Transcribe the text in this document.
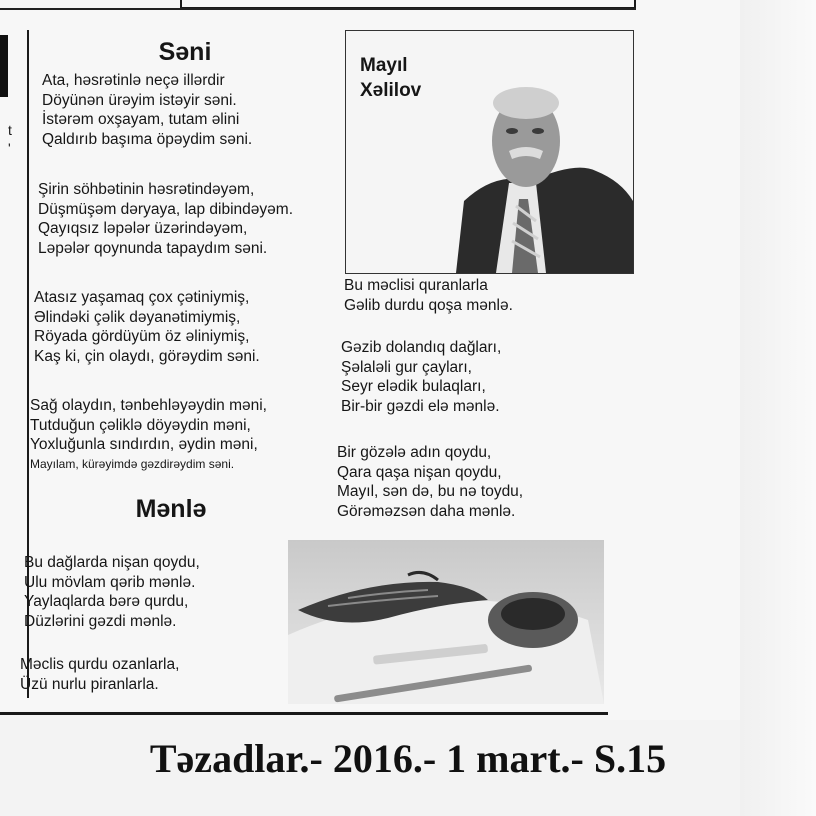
t
'
Səni
Ata, həsrətinlə neçə illərdir
Döyünən ürəyim istəyir səni.
İstərəm oxşayam, tutam əlini
Qaldırıb başıma öpəydim səni.
Şirin söhbətinin həsrətindəyəm,
Düşmüşəm dəryaya, lap dibindəyəm.
Qayıqsız ləpələr üzərindəyəm,
Ləpələr qoynunda tapaydım səni.
Atasız yaşamaq çox çətiniymiş,
Əlindəki çəlik dəyanətimiymiş,
Röyada gördüyüm öz əliniymiş,
Kaş ki, çin olaydı, görəydim səni.
Sağ olaydın, tənbehləyəydin məni,
Tutduğun çəliklə döyəydin məni,
Yoxluğunla sındırdın, əydin məni,
Mayılam, kürəyimdə gəzdirəydim səni.
Mənlə
Bu dağlarda nişan qoydu,
Ulu mövlam qərib mənlə.
Yaylaqlarda bərə qurdu,
Düzlərini gəzdi mənlə.
Məclis qurdu ozanlarla,
Üzü nurlu piranlarla.
Mayıl
Xəlilov
Bu məclisi quranlarla
Gəlib durdu qoşa mənlə.
Gəzib dolandıq dağları,
Şəlaləli gur çayları,
Seyr elədik bulaqları,
Bir-bir gəzdi elə mənlə.
Bir gözələ adın qoydu,
Qara qaşa nişan qoydu,
Mayıl, sən də, bu nə toydu,
Görəməzsən daha mənlə.
Təzadlar.- 2016.- 1 mart.- S.15
